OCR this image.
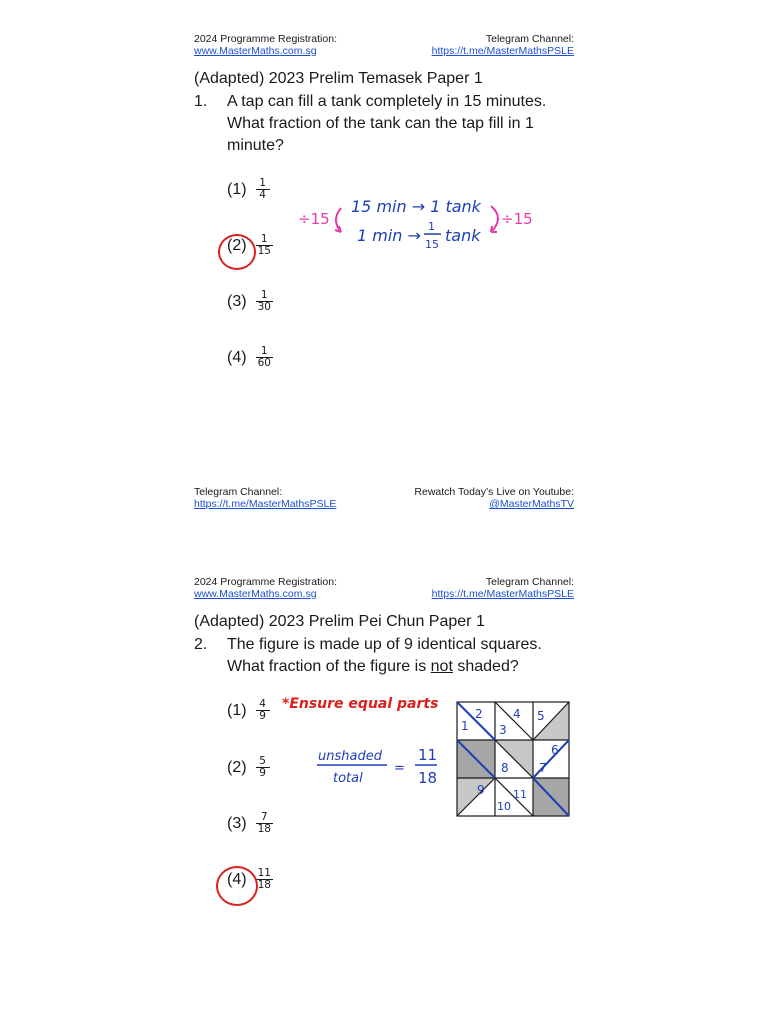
2024 Programme Registration:
www.MasterMaths.com.sg
Telegram Channel:
https://t.me/MasterMathsPSLE
(Adapted) 2023 Prelim Temasek Paper 1
1. A tap can fill a tank completely in 15 minutes.
What fraction of the tank can the tap fill in 1
minute?
$(1) \frac{1}{4}$
$(2) \frac{1}{15}$
$(3) \frac{1}{30}$
$(4) \frac{1}{60}$
÷15
15 min → 1 tank
1 min → 1
15 tank
÷15
Telegram Channel:
https://t.me/MasterMathsPSLE
Rewatch Today’s Live on Youtube:
@MasterMathsTV
2024 Programme Registration:
www.MasterMaths.com.sg
Telegram Channel:
https://t.me/MasterMathsPSLE
(Adapted) 2023 Prelim Pei Chun Paper 1
2. The figure is made up of 9 identical squares.
What fraction of the figure is not shaded?
$(1) \frac{4}{9}$
$(2) \frac{5}{9}$
$(3) \frac{7}{18}$
$(4) \frac{11}{18}$
*Ensure equal parts
unshaded
total
=
11
18
1
2
3
4 5
6
7
8
9
10
11
